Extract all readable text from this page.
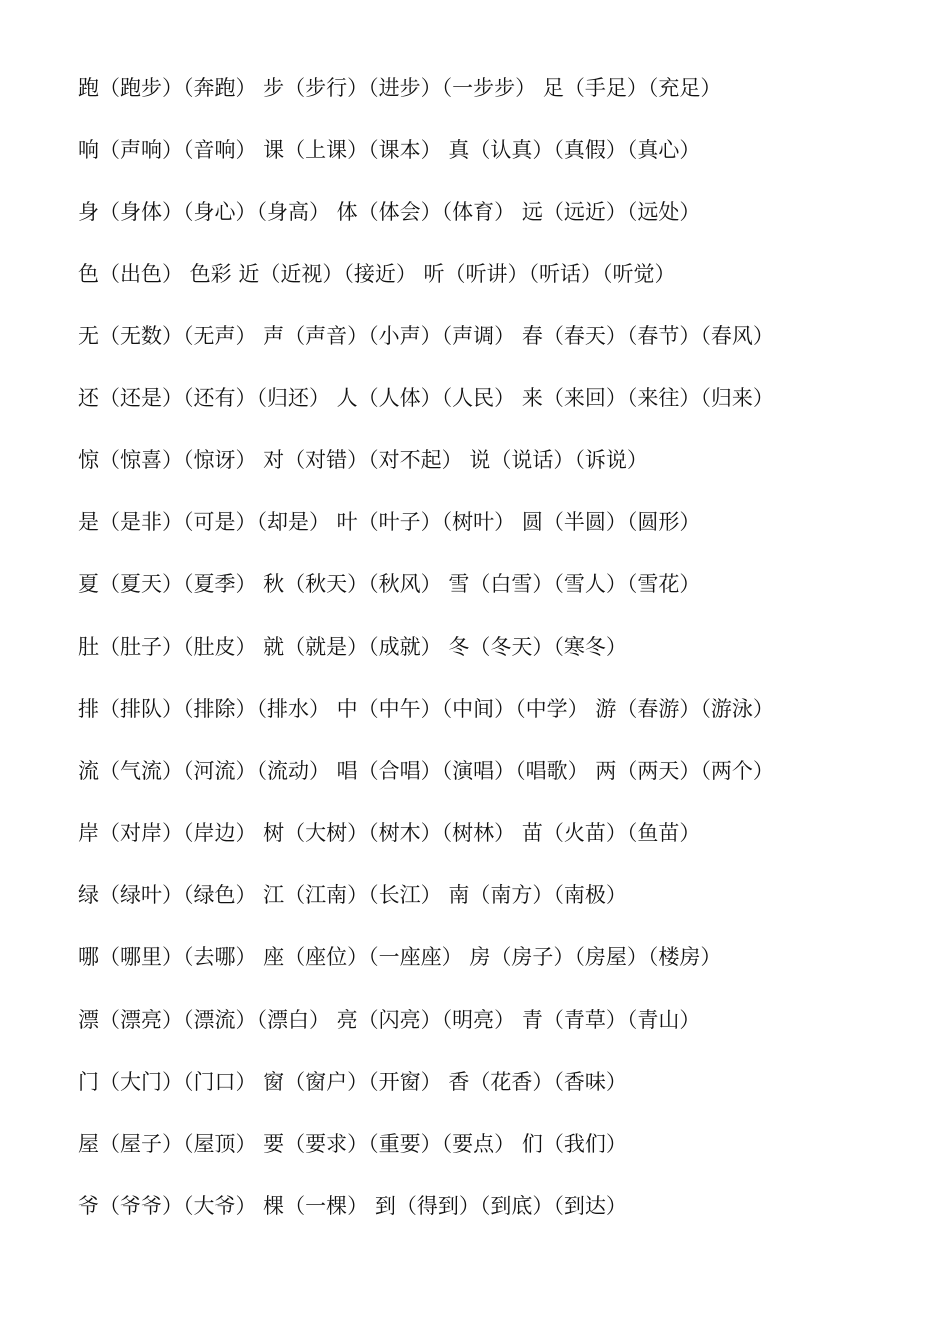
跑（跑步）（奔跑） 步（步行）（进步）（一步步） 足（手足）（充足）
响（声响）（音响） 课（上课）（课本） 真（认真）（真假）（真心）
身（身体）（身心）（身高） 体（体会）（体育） 远（远近）（远处）
色（出色） 色彩 近（近视）（接近） 听（听讲）（听话）（听觉）
无（无数）（无声） 声（声音）（小声）（声调） 春（春天）（春节）（春风）
还（还是）（还有）（归还） 人（人体）（人民） 来（来回）（来往）（归来）
惊（惊喜）（惊讶） 对（对错）（对不起） 说（说话）（诉说）
是（是非）（可是）（却是） 叶（叶子）（树叶） 圆（半圆）（圆形）
夏（夏天）（夏季） 秋（秋天）（秋风） 雪（白雪）（雪人）（雪花）
肚（肚子）（肚皮） 就（就是）（成就） 冬（冬天）（寒冬）
排（排队）（排除）（排水） 中（中午）（中间）（中学） 游（春游）（游泳）
流（气流）（河流）（流动） 唱（合唱）（演唱）（唱歌） 两（两天）（两个）
岸（对岸）（岸边） 树（大树）（树木）（树林） 苗（火苗）（鱼苗）
绿（绿叶）（绿色） 江（江南）（长江） 南（南方）（南极）
哪（哪里）（去哪） 座（座位）（一座座） 房（房子）（房屋）（楼房）
漂（漂亮）（漂流）（漂白） 亮（闪亮）（明亮） 青（青草）（青山）
门（大门）（门口） 窗（窗户）（开窗） 香（花香）（香味）
屋（屋子）（屋顶） 要（要求）（重要）（要点） 们（我们）
爷（爷爷）（大爷） 棵（一棵） 到（得到）（到底）（到达）
